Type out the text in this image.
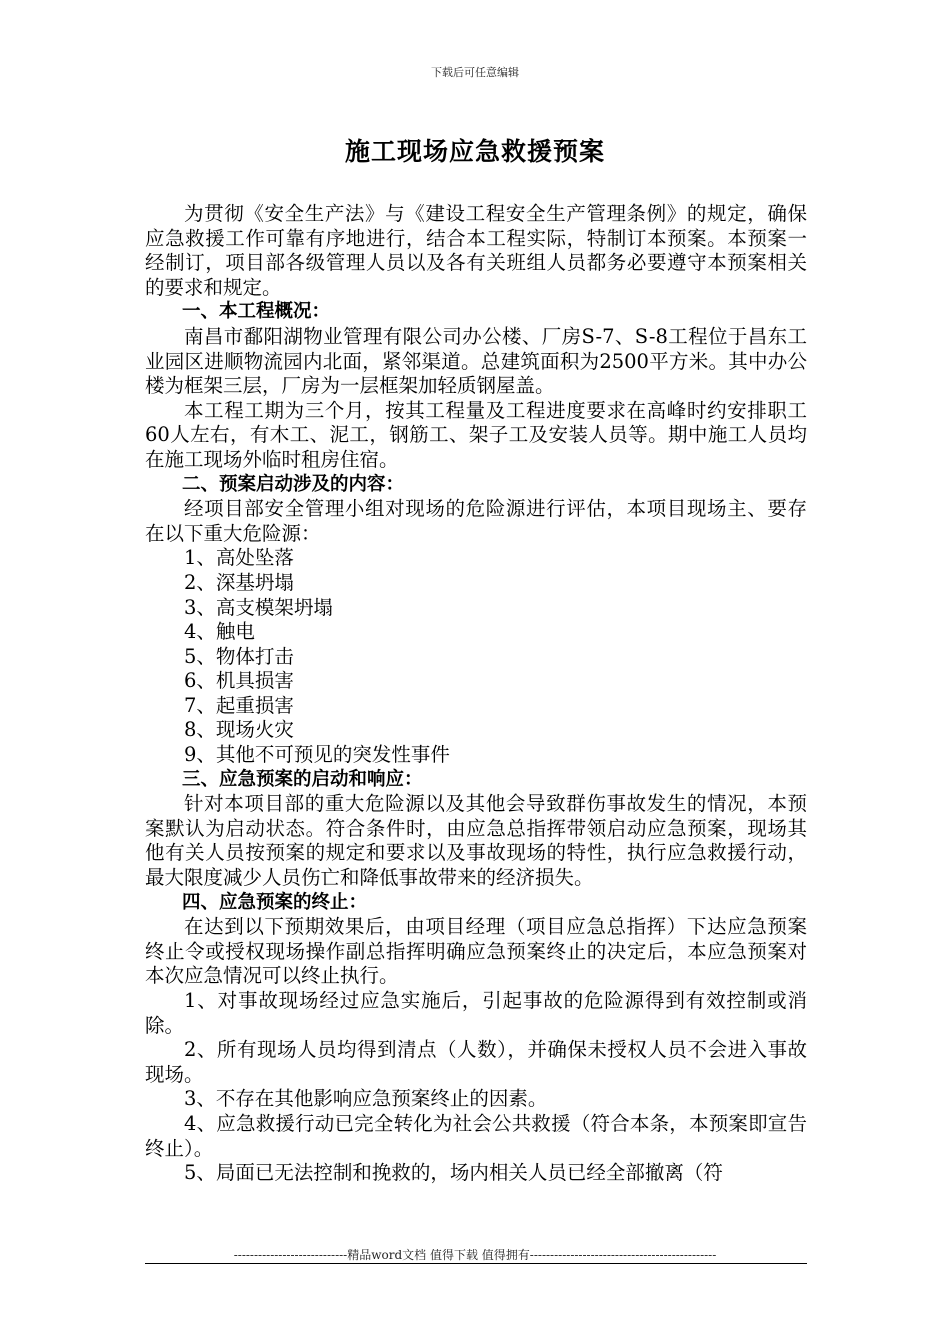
下载后可任意编辑
施工现场应急救援预案

为贯彻《安全生产法》与《建设工程安全生产管理条例》的规定，确保应急救援工作可靠有序地进行，结合本工程实际，特制订本预案。本预案一经制订，项目部各级管理人员以及各有关班组人员都务必要遵守本预案相关的要求和规定。

一、本工程概况：

南昌市鄱阳湖物业管理有限公司办公楼、厂房S-7、S-8工程位于昌东工业园区进顺物流园内北面，紧邻渠道。总建筑面积为2500平方米。其中办公楼为框架三层，厂房为一层框架加轻质钢屋盖。

本工程工期为三个月，按其工程量及工程进度要求在高峰时约安排职工60人左右，有木工、泥工，钢筋工、架子工及安装人员等。期中施工人员均在施工现场外临时租房住宿。

二、预案启动涉及的内容：

经项目部安全管理小组对现场的危险源进行评估，本项目现场主、要存在以下重大危险源：

1、高处坠落

2、深基坍塌

3、高支模架坍塌

4、触电

5、物体打击

6、机具损害

7、起重损害

8、现场火灾

9、其他不可预见的突发性事件

三、应急预案的启动和响应：

针对本项目部的重大危险源以及其他会导致群伤事故发生的情况，本预案默认为启动状态。符合条件时，由应急总指挥带领启动应急预案，现场其他有关人员按预案的规定和要求以及事故现场的特性，执行应急救援行动，最大限度减少人员伤亡和降低事故带来的经济损失。

四、应急预案的终止：

在达到以下预期效果后，由项目经理（项目应急总指挥）下达应急预案终止令或授权现场操作副总指挥明确应急预案终止的决定后，本应急预案对本次应急情况可以终止执行。

1、对事故现场经过应急实施后，引起事故的危险源得到有效控制或消除。

2、所有现场人员均得到清点（人数），并确保未授权人员不会进入事故现场。

3、不存在其他影响应急预案终止的因素。

4、应急救援行动已完全转化为社会公共救援（符合本条，本预案即宣告终止）。

5、局面已无法控制和挽救的，场内相关人员已经全部撤离（符

----------------------------精品word文档 值得下载 值得拥有----------------------------------------------
